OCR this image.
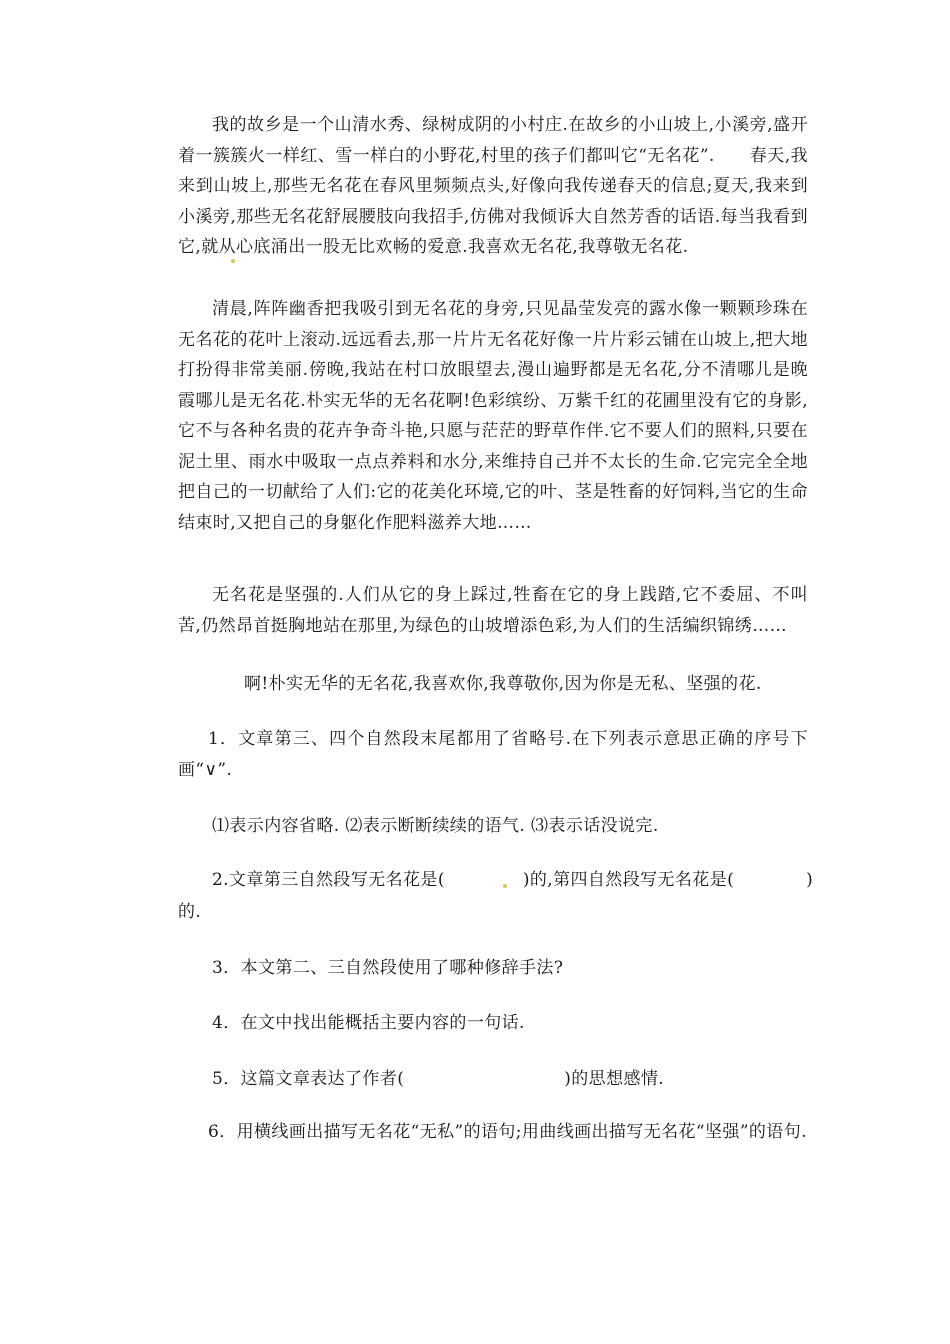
我的故乡是一个山清水秀、绿树成阴的小村庄.在故乡的小山坡上,小溪旁,盛开着一簇簇火一样红、雪一样白的小野花,村里的孩子们都叫它“无名花”.　　春天,我来到山坡上,那些无名花在春风里频频点头,好像向我传递春天的信息;夏天,我来到小溪旁,那些无名花舒展腰肢向我招手,仿佛对我倾诉大自然芳香的话语.每当我看到它,就从心底涌出一股无比欢畅的爱意.我喜欢无名花,我尊敬无名花.

清晨,阵阵幽香把我吸引到无名花的身旁,只见晶莹发亮的露水像一颗颗珍珠在无名花的花叶上滚动.远远看去,那一片片无名花好像一片片彩云铺在山坡上,把大地打扮得非常美丽.傍晚,我站在村口放眼望去,漫山遍野都是无名花,分不清哪儿是晚霞哪儿是无名花.朴实无华的无名花啊!色彩缤纷、万紫千红的花圃里没有它的身影,它不与各种名贵的花卉争奇斗艳,只愿与茫茫的野草作伴.它不要人们的照料,只要在泥土里、雨水中吸取一点点养料和水分,来维持自己并不太长的生命.它完完全全地把自己的一切献给了人们:它的花美化环境,它的叶、茎是牲畜的好饲料,当它的生命结束时,又把自己的身躯化作肥料滋养大地……

无名花是坚强的.人们从它的身上踩过,牲畜在它的身上践踏,它不委屈、不叫苦,仍然昂首挺胸地站在那里,为绿色的山坡增添色彩,为人们的生活编织锦绣……

啊!朴实无华的无名花,我喜欢你,我尊敬你,因为你是无私、坚强的花.

1．文章第三、四个自然段末尾都用了省略号.在下列表示意思正确的序号下画“∨”.

⑴表示内容省略. ⑵表示断断续续的语气. ⑶表示话没说完.
2.文章第三自然段写无名花是(	)的,第四自然段写无名花是(	)
的.
3．本文第二、三自然段使用了哪种修辞手法?
4．在文中找出能概括主要内容的一句话.
5．这篇文章表达了作者(	)的思想感情.

6．用横线画出描写无名花“无私”的语句;用曲线画出描写无名花“坚强”的语句.
